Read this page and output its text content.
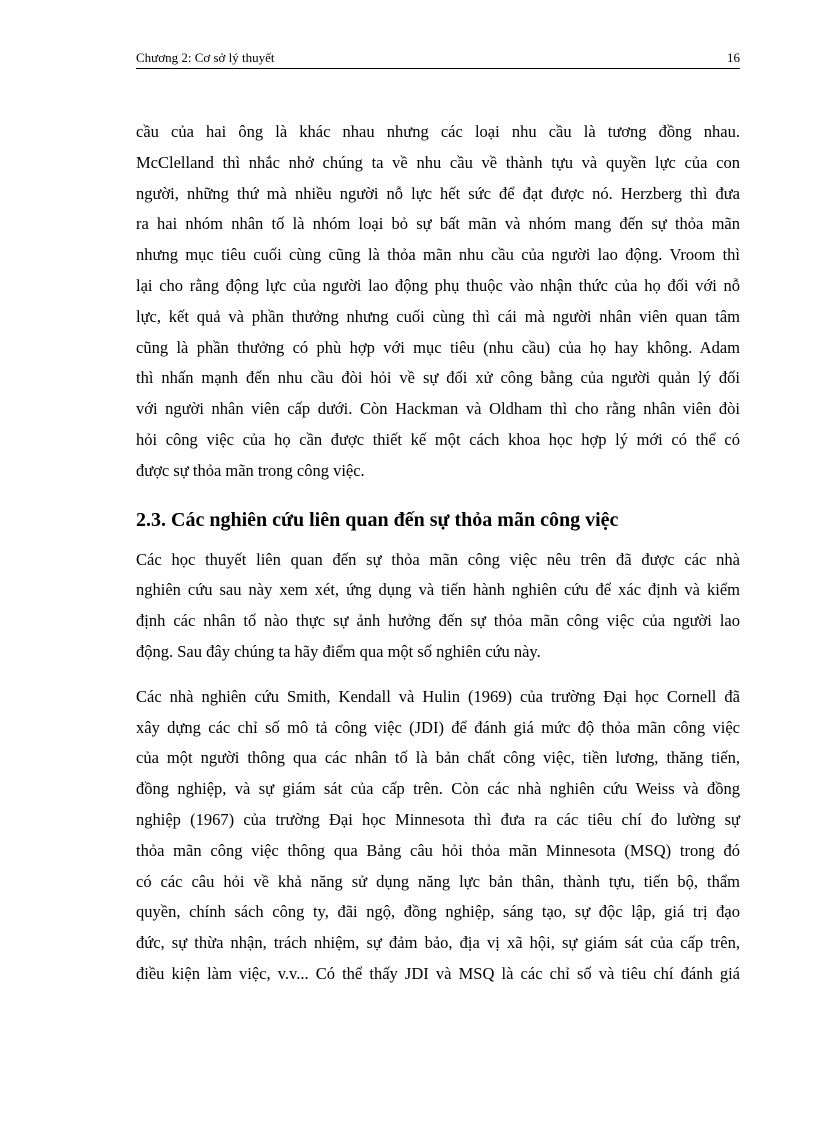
Chương 2: Cơ sở lý thuyết	16
cầu của hai ông là khác nhau nhưng các loại nhu cầu là tương đồng nhau.
McClelland thì nhắc nhở chúng ta về nhu cầu về thành tựu và quyền lực của con
người, những thứ mà nhiều người nỗ lực hết sức để đạt được nó. Herzberg thì đưa
ra hai nhóm nhân tố là nhóm loại bỏ sự bất mãn và nhóm mang đến sự thỏa mãn
nhưng mục tiêu cuối cùng cũng là thỏa mãn nhu cầu của người lao động. Vroom thì
lại cho rằng động lực của người lao động phụ thuộc vào nhận thức của họ đối với nỗ
lực, kết quả và phần thưởng nhưng cuối cùng thì cái mà người nhân viên quan tâm
cũng là phần thưởng có phù hợp với mục tiêu (nhu cầu) của họ hay không. Adam
thì nhấn mạnh đến nhu cầu đòi hỏi về sự đối xử công bằng của người quản lý đối
với người nhân viên cấp dưới. Còn Hackman và Oldham thì cho rằng nhân viên đòi
hỏi công việc của họ cần được thiết kế một cách khoa học hợp lý mới có thể có
được sự thỏa mãn trong công việc.
2.3. Các nghiên cứu liên quan đến sự thỏa mãn công việc
Các học thuyết liên quan đến sự thỏa mãn công việc nêu trên đã được các nhà
nghiên cứu sau này xem xét, ứng dụng và tiến hành nghiên cứu để xác định và kiểm
định các nhân tố nào thực sự ảnh hưởng đến sự thỏa mãn công việc của người lao
động. Sau đây chúng ta hãy điểm qua một số nghiên cứu này.
Các nhà nghiên cứu Smith, Kendall và Hulin (1969) của trường Đại học Cornell đã
xây dựng các chỉ số mô tả công việc (JDI) để đánh giá mức độ thỏa mãn công việc
của một người thông qua các nhân tố là bản chất công việc, tiền lương, thăng tiến,
đồng nghiệp, và sự giám sát của cấp trên. Còn các nhà nghiên cứu Weiss và đồng
nghiệp (1967) của trường Đại học Minnesota thì đưa ra các tiêu chí đo lường sự
thỏa mãn công việc thông qua Bảng câu hỏi thỏa mãn Minnesota (MSQ) trong đó
có các câu hỏi về khả năng sử dụng năng lực bản thân, thành tựu, tiến bộ, thẩm
quyền, chính sách công ty, đãi ngộ, đồng nghiệp, sáng tạo, sự độc lập, giá trị đạo
đức, sự thừa nhận, trách nhiệm, sự đảm bảo, địa vị xã hội, sự giám sát của cấp trên,
điều kiện làm việc, v.v... Có thể thấy JDI và MSQ là các chỉ số và tiêu chí đánh giá
